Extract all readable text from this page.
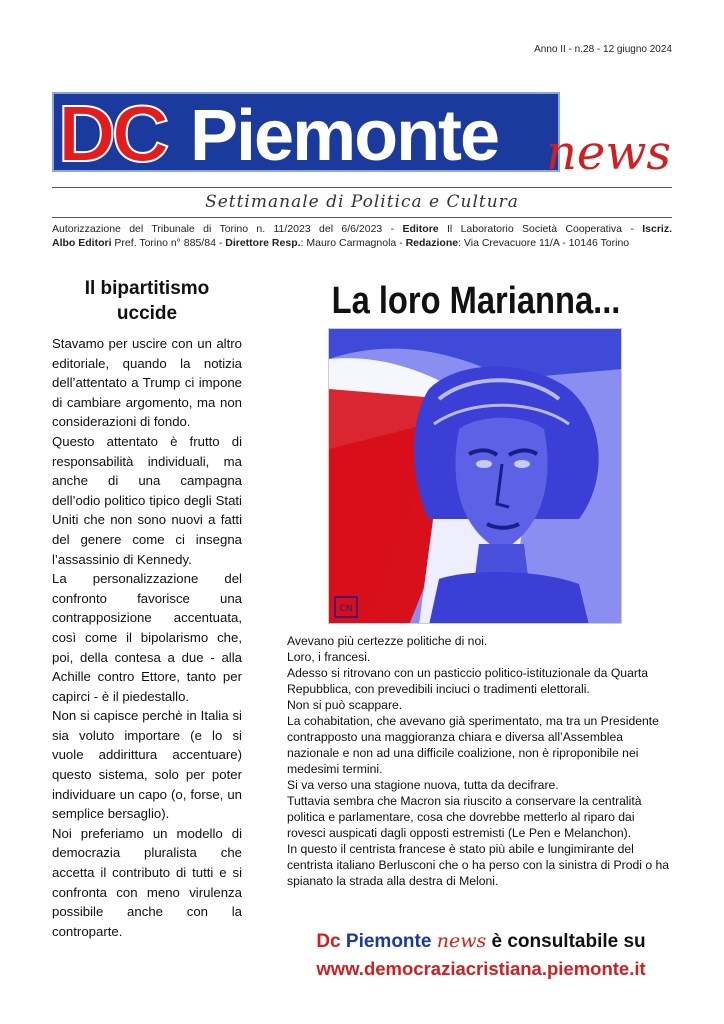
Anno II - n.28 - 12 giugno 2024
DC Piemonte news
Settimanale di Politica e Cultura
Autorizzazione del Tribunale di Torino n. 11/2023 del 6/6/2023 - Editore Il Laboratorio Società Cooperativa - Iscriz.
Albo Editori Pref. Torino n° 885/84 - Direttore Resp.: Mauro Carmagnola - Redazione: Via Crevacuore 11/A - 10146 Torino
Il bipartitismo
uccide

Stavamo per uscire con un altro editoriale, quando la notizia dell’attentato a Trump ci impone di cambiare argomento, ma non considerazioni di fondo.

Questo attentato è frutto di responsabilità individuali, ma anche di una campagna dell’odio politico tipico degli Stati Uniti che non sono nuovi a fatti del genere come ci insegna l’assassinio di Kennedy.

La personalizzazione del confronto favorisce una contrapposizione accentuata, così come il bipolarismo che, poi, della contesa a due - alla Achille contro Ettore, tanto per capirci - è il piedestallo.

Non si capisce perchè in Italia si sia voluto importare (e lo si vuole addirittura accentuare) questo sistema, solo per poter individuare un capo (o, forse, un semplice bersaglio).

Noi preferiamo un modello di democrazia pluralista che accetta il contributo di tutti e si confronta con meno virulenza possibile anche con la controparte.

La loro Marianna...
CN

Avevano più certezze politiche di noi.

Loro, i francesi.

Adesso si ritrovano con un pasticcio politico-istituzionale da Quarta Repubblica, con prevedibili inciuci o tradimenti elettorali.

Non si può scappare.

La cohabitation, che avevano già sperimentato, ma tra un Presidente contrapposto una maggioranza chiara e diversa all’Assemblea nazionale e non ad una difficile coalizione, non è riproponibile nei medesimi termini.

Si va verso una stagione nuova, tutta da decifrare.

Tuttavia sembra che Macron sia riuscito a conservare la centralità politica e parlamentare, cosa che dovrebbe metterlo al riparo dai rovesci auspicati dagli opposti estremisti (Le Pen e Melanchon).

In questo il centrista francese è stato più abile e lungimirante del centrista italiano Berlusconi che o ha perso con la sinistra di Prodi o ha spianato la strada alla destra di Meloni.

Dc Piemonte news è consultabile su
www.democraziacristiana.piemonte.it
